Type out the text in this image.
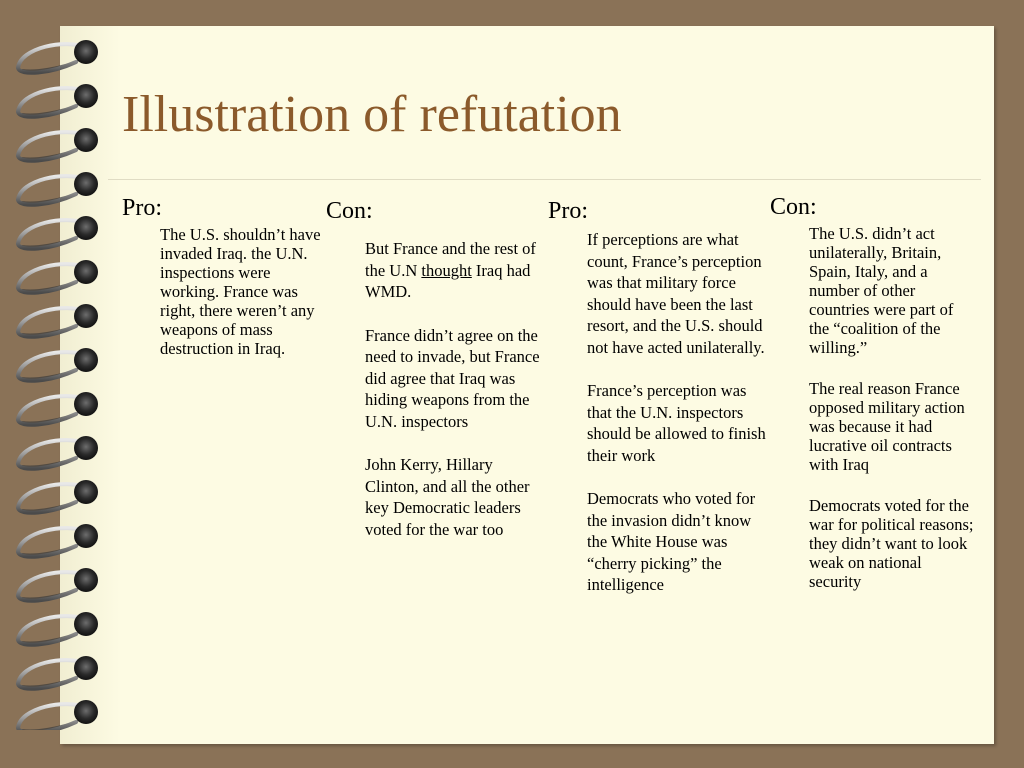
Illustration of refutation
Pro:

The U.S. shouldn’t have invaded Iraq. the U.N. inspections were working. France was right, there weren’t any weapons of mass destruction in Iraq.

Con:

But France and the rest of the U.N thought Iraq had WMD.

France didn’t agree on the need to invade, but France did agree that Iraq was hiding weapons from the U.N. inspectors

John Kerry, Hillary Clinton, and all the other key Democratic leaders voted for the war too

Pro:

If perceptions are what count, France’s perception was that military force should have been the last resort, and the U.S. should not have acted unilaterally.

France’s perception was that the U.N. inspectors should be allowed to finish their work

Democrats who voted for the invasion didn’t know the White House was “cherry picking” the intelligence

Con:

The U.S. didn’t act unilaterally, Britain, Spain, Italy, and a number of other countries were part of the “coalition of the willing.”

The real reason France opposed military action was because it had lucrative oil contracts with Iraq

Democrats voted for the war for political reasons; they didn’t want to look weak on national security
